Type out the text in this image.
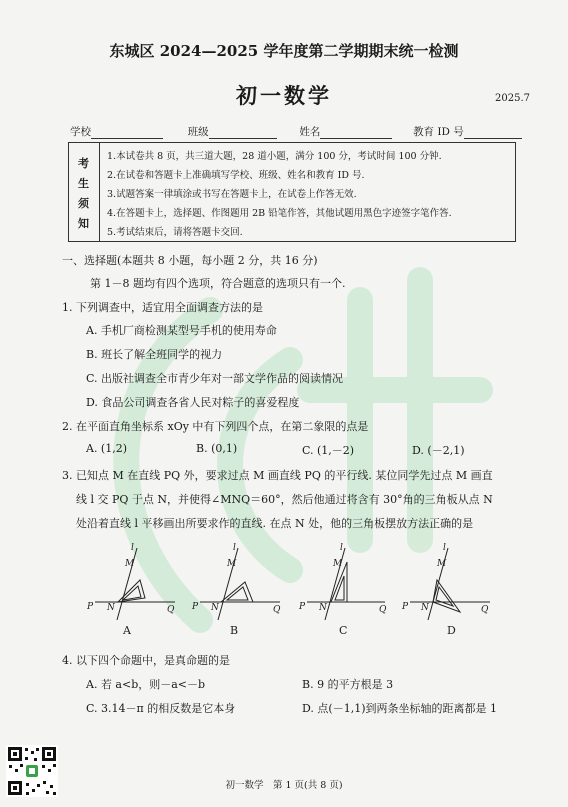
东城区 2024—2025 学年度第二学期期末统一检测
初一数学	2025.7
学校	班级	姓名	教育 ID 号
考
生
须
知
1.本试卷共 8 页，共三道大题，28 道小题，满分 100 分，考试时间 100 分钟.
2.在试卷和答题卡上准确填写学校、班级、姓名和教育 ID 号.
3.试题答案一律填涂或书写在答题卡上，在试卷上作答无效.
4.在答题卡上，选择题、作图题用 2B 铅笔作答，其他试题用黑色字迹签字笔作答.
5.考试结束后，请将答题卡交回.
一、选择题(本题共 8 小题，每小题 2 分，共 16 分)
第 1－8 题均有四个选项，符合题意的选项只有一个.
1. 下列调查中，适宜用全面调查方法的是
A. 手机厂商检测某型号手机的使用寿命
B. 班长了解全班同学的视力
C. 出版社调查全市青少年对一部文学作品的阅读情况
D. 食品公司调查各省人民对粽子的喜爱程度
2. 在平面直角坐标系 xOy 中有下列四个点，在第二象限的点是
A. (1,2)	B. (0,1)	C. (1,－2)	D. (－2,1)
3. 已知点 M 在直线 PQ 外，要求过点 M 画直线 PQ 的平行线. 某位同学先过点 M 画直
线 l 交 PQ 于点 N，并使得∠MNQ＝60°，然后他通过将含有 30°角的三角板从点 N
处沿着直线 l 平移画出所要求作的直线. 在点 N 处，他的三角板摆放方法正确的是
l
M
P N	Q
l
M
P N	Q
l
M
P N	Q
l
M
P N	Q
A	B	C	D
4. 以下四个命题中，是真命题的是
A. 若 a<b，则－a<－b	B. 9 的平方根是 3
C. 3.14－π 的相反数是它本身	D. 点(－1,1)到两条坐标轴的距离都是 1
初一数学　第 1 页(共 8 页)
